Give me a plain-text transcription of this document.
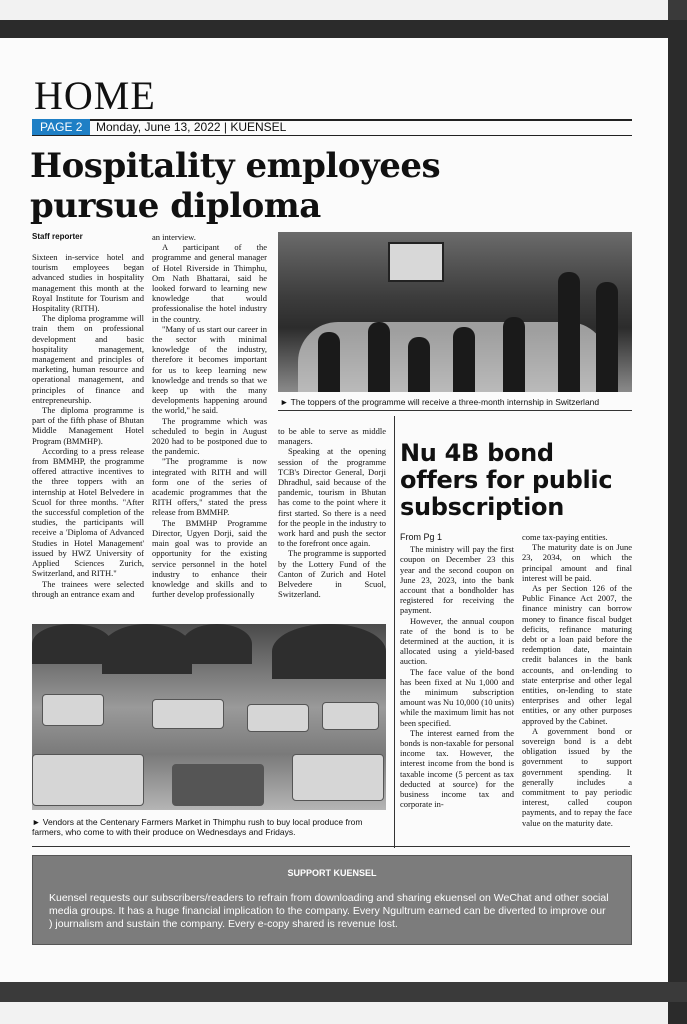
HOME
PAGE 2	Monday, June 13, 2022 | KUENSEL
Hospitality employees
pursue diploma
Staff reporter

Sixteen in-service hotel and tourism employees began advanced studies in hospitality management this month at the Royal Institute for Tourism and Hospitality (RITH).

The diploma programme will train them on professional development and basic hospitality management, management and principles of marketing, human resource and operational management, and principles of finance and entrepreneurship.

The diploma programme is part of the fifth phase of Bhutan Middle Management Hotel Program (BMMHP).

According to a press release from BMMHP, the programme offered attractive incentives to the three toppers with an internship at Hotel Belvedere in Scuol for three months. "After the successful completion of the studies, the participants will receive a 'Diploma of Advanced Studies in Hotel Management' issued by HWZ University of Applied Sciences Zurich, Switzerland, and RITH."

The trainees were selected through an entrance exam and

an interview.

A participant of the programme and general manager of Hotel Riverside in Thimphu, Om Nath Bhattarai, said he looked forward to learning new knowledge that would professionalise the hotel industry in the country.

"Many of us start our career in the sector with minimal knowledge of the industry, therefore it becomes important for us to keep learning new knowledge and trends so that we keep up with the many developments happening around the world," he said.

The programme which was scheduled to begin in August 2020 had to be postponed due to the pandemic.

"The programme is now integrated with RITH and will form one of the series of academic programmes that the RITH offers," stated the press release from BMMHP.

The BMMHP Programme Director, Ugyen Dorji, said the main goal was to provide an opportunity for the existing service personnel in the hotel industry to enhance their knowledge and skills and to further develop professionally

► The toppers of the programme will receive a three-month internship in Switzerland

to be able to serve as middle managers.

Speaking at the opening session of the programme TCB's Director General, Dorji Dhradhul, said because of the pandemic, tourism in Bhutan has come to the point where it first started. So there is a need for the people in the industry to work hard and push the sector to the forefront once again.

The programme is supported by the Lottery Fund of the Canton of Zurich and Hotel Belvedere in Scuol, Switzerland.

Nu 4B bond
offers for public
subscription
From Pg 1

The ministry will pay the first coupon on December 23 this year and the second coupon on June 23, 2023, into the bank account that a bondholder has registered for receiving the payment.

However, the annual coupon rate of the bond is to be determined at the auction, it is allocated using a yield-based auction.

The face value of the bond has been fixed at Nu 1,000 and the minimum subscription amount was Nu 10,000 (10 units) while the maximum limit has not been specified.

The interest earned from the bonds is non-taxable for personal income tax. However, the interest income from the bond is taxable income (5 percent as tax deducted at source) for the business income tax and corporate in-

come tax-paying entities.

The maturity date is on June 23, 2034, on which the principal amount and final interest will be paid.

As per Section 126 of the Public Finance Act 2007, the finance ministry can borrow money to finance fiscal budget deficits, refinance maturing debt or a loan paid before the redemption date, maintain credit balances in the bank accounts, and on-lending to state enterprise and other legal entities, on-lending to state enterprises and other legal entities, or any other purposes approved by the Cabinet.

A government bond or sovereign bond is a debt obligation issued by the government to support government spending. It generally includes a commitment to pay periodic interest, called coupon payments, and to repay the face value on the maturity date.

► Vendors at the Centenary Farmers Market in Thimphu rush to buy local produce from
farmers, who come to with their produce on Wednesdays and Fridays.
SUPPORT KUENSEL
Kuensel requests our subscribers/readers to refrain from downloading and sharing ekuensel on WeChat and other social media groups. It has a huge financial implication to the company. Every Ngultrum earned can be diverted to improve our ) journalism and sustain the company. Every e-copy shared is revenue lost.
